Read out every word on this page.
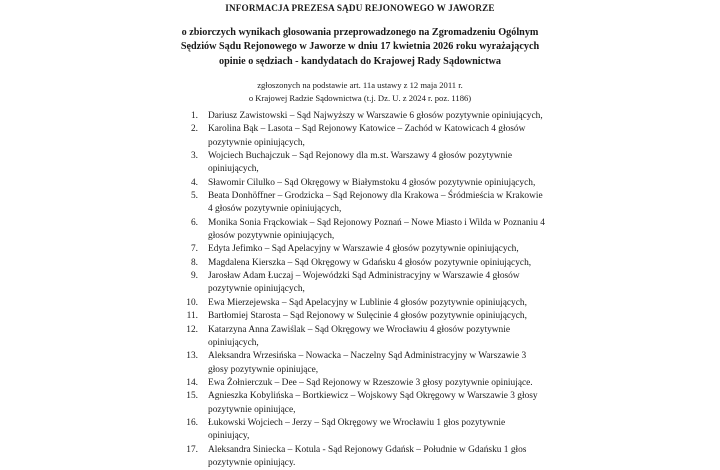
INFORMACJA PREZESA SĄDU REJONOWEGO W JAWORZE
o zbiorczych wynikach glosowania przeprowadzonego na Zgromadzeniu Ogólnym
Sędziów Sądu Rejonowego w Jaworze w dniu 17 kwietnia 2026 roku wyrażających
opinie o sędziach - kandydatach do Krajowej Rady Sądownictwa
zgłoszonych na podstawie art. 11a ustawy z 12 maja 2011 r.
o Krajowej Radzie Sądownictwa (t.j. Dz. U. z 2024 r. poz. 1186)
1. Dariusz Zawistowski – Sąd Najwyższy w Warszawie 6 głosów pozytywnie opiniujących,
2. Karolina Bąk – Lasota – Sąd Rejonowy Katowice – Zachód w Katowicach 4 głosów pozytywnie opiniujących,
3. Wojciech Buchajczuk – Sąd Rejonowy dla m.st. Warszawy 4 głosów pozytywnie opiniujących,
4. Sławomir Cilulko – Sąd Okręgowy w Białymstoku 4 głosów pozytywnie opiniujących,
5. Beata Donhöffner – Grodzicka – Sąd Rejonowy dla Krakowa – Śródmieścia w Krakowie 4 głosów pozytywnie opiniujących,
6. Monika Sonia Frąckowiak – Sąd Rejonowy Poznań – Nowe Miasto i Wilda w Poznaniu 4 głosów pozytywnie opiniujących,
7. Edyta Jefimko – Sąd Apelacyjny w Warszawie 4 głosów pozytywnie opiniujących,
8. Magdalena Kierszka – Sąd Okręgowy w Gdańsku 4 głosów pozytywnie opiniujących,
9. Jarosław Adam Łuczaj – Wojewódzki Sąd Administracyjny w Warszawie 4 głosów pozytywnie opiniujących,
10. Ewa Mierzejewska – Sąd Apelacyjny w Lublinie 4 głosów pozytywnie opiniujących,
11. Bartłomiej Starosta – Sąd Rejonowy w Sulęcinie 4 głosów pozytywnie opiniujących,
12. Katarzyna Anna Zawiślak – Sąd Okręgowy we Wrocławiu 4 głosów pozytywnie opiniujących,
13. Aleksandra Wrzesińska – Nowacka – Naczelny Sąd Administracyjny w Warszawie 3 głosy pozytywnie opiniujące,
14. Ewa Żołnierczuk – Dee – Sąd Rejonowy w Rzeszowie 3 głosy pozytywnie opiniujące.
15. Agnieszka Kobylińska – Bortkiewicz – Wojskowy Sąd Okręgowy w Warszawie 3 głosy pozytywnie opiniujące,
16. Łukowski Wojciech – Jerzy – Sąd Okręgowy we Wrocławiu 1 głos pozytywnie opiniujący,
17. Aleksandra Siniecka – Kotula - Sąd Rejonowy Gdańsk – Południe w Gdańsku 1 głos pozytywnie opiniujący.
